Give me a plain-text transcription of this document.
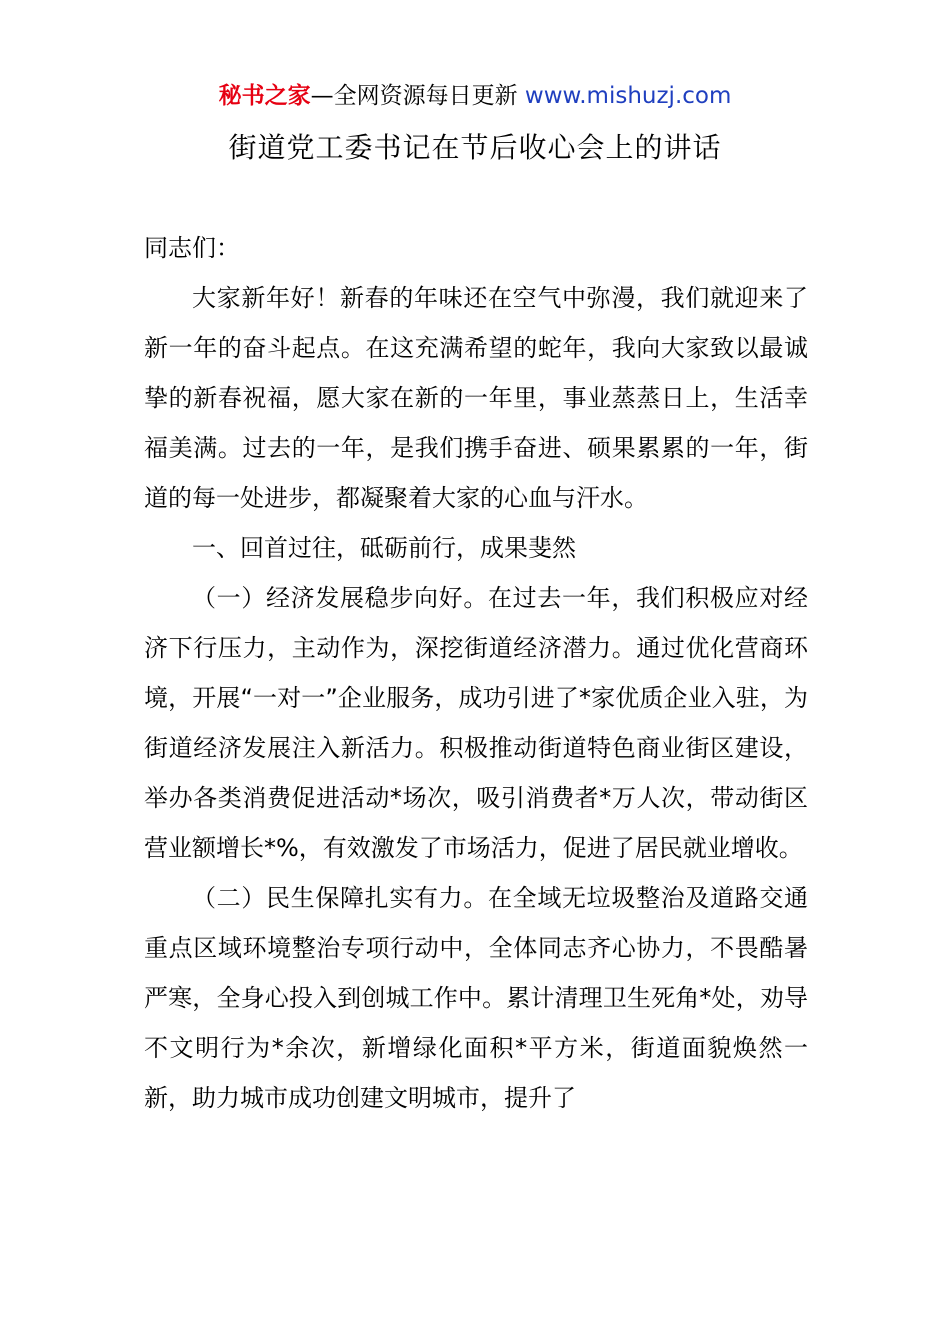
秘书之家—全网资源每日更新 www.mishuzj.com
街道党工委书记在节后收心会上的讲话

同志们：

大家新年好！新春的年味还在空气中弥漫，我们就迎来了新一年的奋斗起点。在这充满希望的蛇年，我向大家致以最诚挚的新春祝福，愿大家在新的一年里，事业蒸蒸日上，生活幸福美满。过去的一年，是我们携手奋进、硕果累累的一年，街道的每一处进步，都凝聚着大家的心血与汗水。

一、回首过往，砥砺前行，成果斐然

（一）经济发展稳步向好。在过去一年，我们积极应对经济下行压力，主动作为，深挖街道经济潜力。通过优化营商环境，开展“一对一”企业服务，成功引进了*家优质企业入驻，为街道经济发展注入新活力。积极推动街道特色商业街区建设，举办各类消费促进活动*场次，吸引消费者*万人次，带动街区营业额增长*%，有效激发了市场活力，促进了居民就业增收。

（二）民生保障扎实有力。在全域无垃圾整治及道路交通重点区域环境整治专项行动中，全体同志齐心协力，不畏酷暑严寒，全身心投入到创城工作中。累计清理卫生死角*处，劝导不文明行为*余次，新增绿化面积*平方米，街道面貌焕然一新，助力城市成功创建文明城市，提升了
